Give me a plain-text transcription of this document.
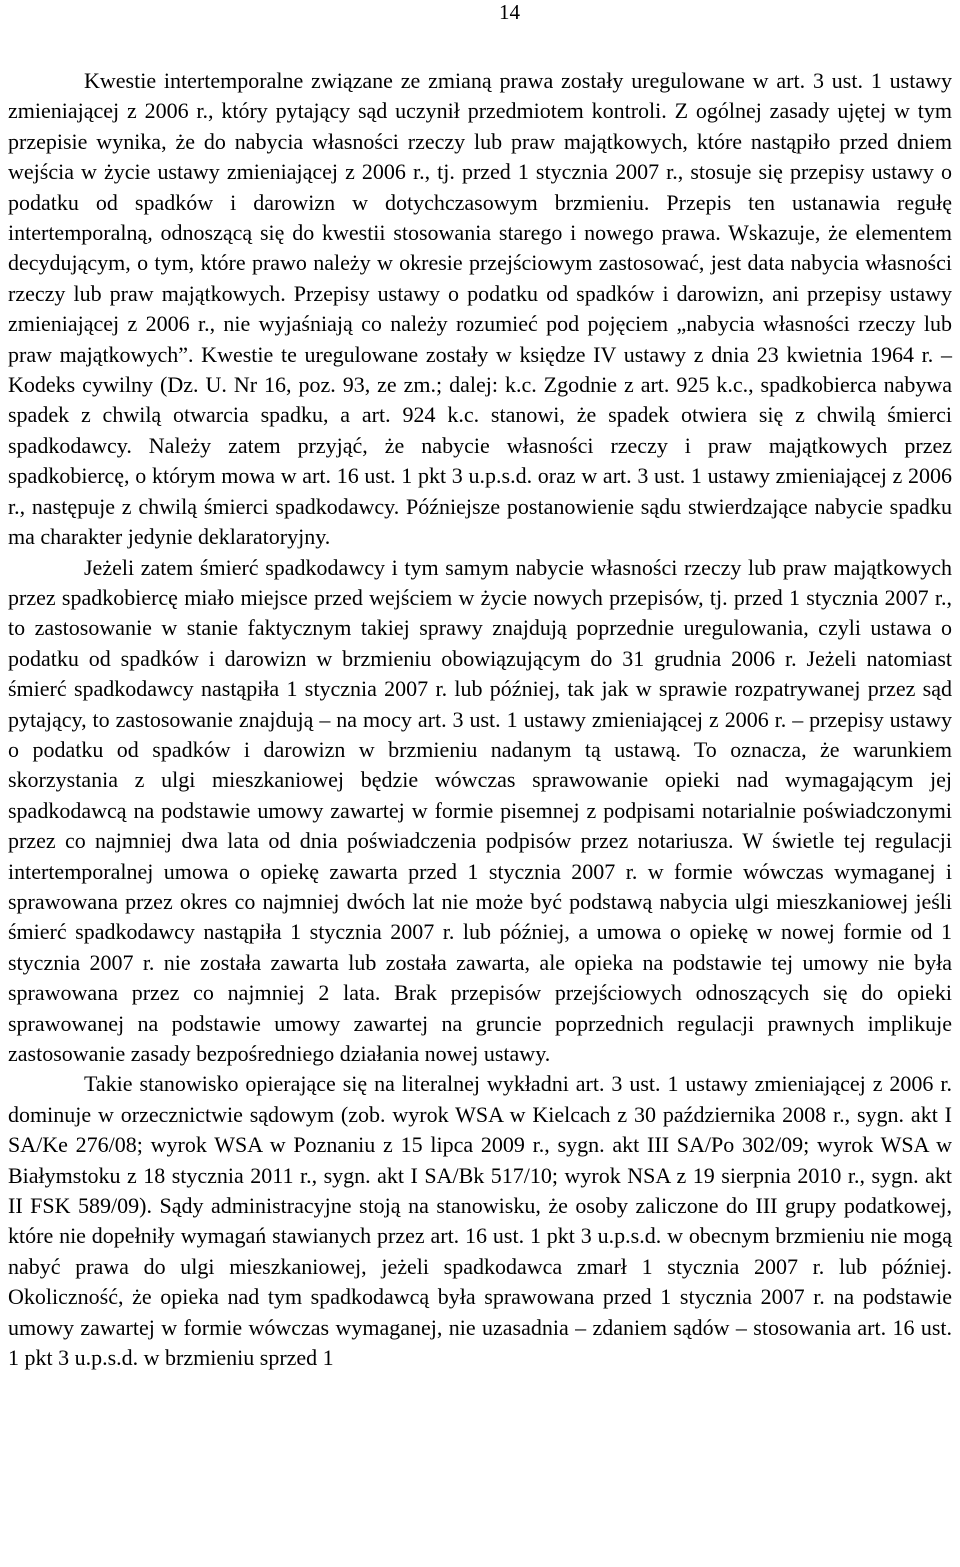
14

Kwestie intertemporalne związane ze zmianą prawa zostały uregulowane w art. 3 ust. 1 ustawy zmieniającej z 2006 r., który pytający sąd uczynił przedmiotem kontroli. Z ogólnej zasady ujętej w tym przepisie wynika, że do nabycia własności rzeczy lub praw majątkowych, które nastąpiło przed dniem wejścia w życie ustawy zmieniającej z 2006 r., tj. przed 1 stycznia 2007 r., stosuje się przepisy ustawy o podatku od spadków i darowizn w dotychczasowym brzmieniu. Przepis ten ustanawia regułę intertemporalną, odnoszącą się do kwestii stosowania starego i nowego prawa. Wskazuje, że elementem decydującym, o tym, które prawo należy w okresie przejściowym zastosować, jest data nabycia własności rzeczy lub praw majątkowych. Przepisy ustawy o podatku od spadków i darowizn, ani przepisy ustawy zmieniającej z 2006 r., nie wyjaśniają co należy rozumieć pod pojęciem „nabycia własności rzeczy lub praw majątkowych”. Kwestie te uregulowane zostały w księdze IV ustawy z dnia 23 kwietnia 1964 r. – Kodeks cywilny (Dz. U. Nr 16, poz. 93, ze zm.; dalej: k.c. Zgodnie z art. 925 k.c., spadkobierca nabywa spadek z chwilą otwarcia spadku, a art. 924 k.c. stanowi, że spadek otwiera się z chwilą śmierci spadkodawcy. Należy zatem przyjąć, że nabycie własności rzeczy i praw majątkowych przez spadkobiercę, o którym mowa w art. 16 ust. 1 pkt 3 u.p.s.d. oraz w art. 3 ust. 1 ustawy zmieniającej z 2006 r., następuje z chwilą śmierci spadkodawcy. Późniejsze postanowienie sądu stwierdzające nabycie spadku ma charakter jedynie deklaratoryjny.

Jeżeli zatem śmierć spadkodawcy i tym samym nabycie własności rzeczy lub praw majątkowych przez spadkobiercę miało miejsce przed wejściem w życie nowych przepisów, tj. przed 1 stycznia 2007 r., to zastosowanie w stanie faktycznym takiej sprawy znajdują poprzednie uregulowania, czyli ustawa o podatku od spadków i darowizn w brzmieniu obowiązującym do 31 grudnia 2006 r. Jeżeli natomiast śmierć spadkodawcy nastąpiła 1 stycznia 2007 r. lub później, tak jak w sprawie rozpatrywanej przez sąd pytający, to zastosowanie znajdują – na mocy art. 3 ust. 1 ustawy zmieniającej z 2006 r. – przepisy ustawy o podatku od spadków i darowizn w brzmieniu nadanym tą ustawą. To oznacza, że warunkiem skorzystania z ulgi mieszkaniowej będzie wówczas sprawowanie opieki nad wymagającym jej spadkodawcą na podstawie umowy zawartej w formie pisemnej z podpisami notarialnie poświadczonymi przez co najmniej dwa lata od dnia poświadczenia podpisów przez notariusza. W świetle tej regulacji intertemporalnej umowa o opiekę zawarta przed 1 stycznia 2007 r. w formie wówczas wymaganej i sprawowana przez okres co najmniej dwóch lat nie może być podstawą nabycia ulgi mieszkaniowej jeśli śmierć spadkodawcy nastąpiła 1 stycznia 2007 r. lub później, a umowa o opiekę w nowej formie od 1 stycznia 2007 r. nie została zawarta lub została zawarta, ale opieka na podstawie tej umowy nie była sprawowana przez co najmniej 2 lata. Brak przepisów przejściowych odnoszących się do opieki sprawowanej na podstawie umowy zawartej na gruncie poprzednich regulacji prawnych implikuje zastosowanie zasady bezpośredniego działania nowej ustawy.

Takie stanowisko opierające się na literalnej wykładni art. 3 ust. 1 ustawy zmieniającej z 2006 r. dominuje w orzecznictwie sądowym (zob. wyrok WSA w Kielcach z 30 października 2008 r., sygn. akt I SA/Ke 276/08; wyrok WSA w Poznaniu z 15 lipca 2009 r., sygn. akt III SA/Po 302/09; wyrok WSA w Białymstoku z 18 stycznia 2011 r., sygn. akt I SA/Bk 517/10; wyrok NSA z 19 sierpnia 2010 r., sygn. akt II FSK 589/09). Sądy administracyjne stoją na stanowisku, że osoby zaliczone do III grupy podatkowej, które nie dopełniły wymagań stawianych przez art. 16 ust. 1 pkt 3 u.p.s.d. w obecnym brzmieniu nie mogą nabyć prawa do ulgi mieszkaniowej, jeżeli spadkodawca zmarł 1 stycznia 2007 r. lub później. Okoliczność, że opieka nad tym spadkodawcą była sprawowana przed 1 stycznia 2007 r. na podstawie umowy zawartej w formie wówczas wymaganej, nie uzasadnia – zdaniem sądów – stosowania art. 16 ust. 1 pkt 3 u.p.s.d. w brzmieniu sprzed 1
